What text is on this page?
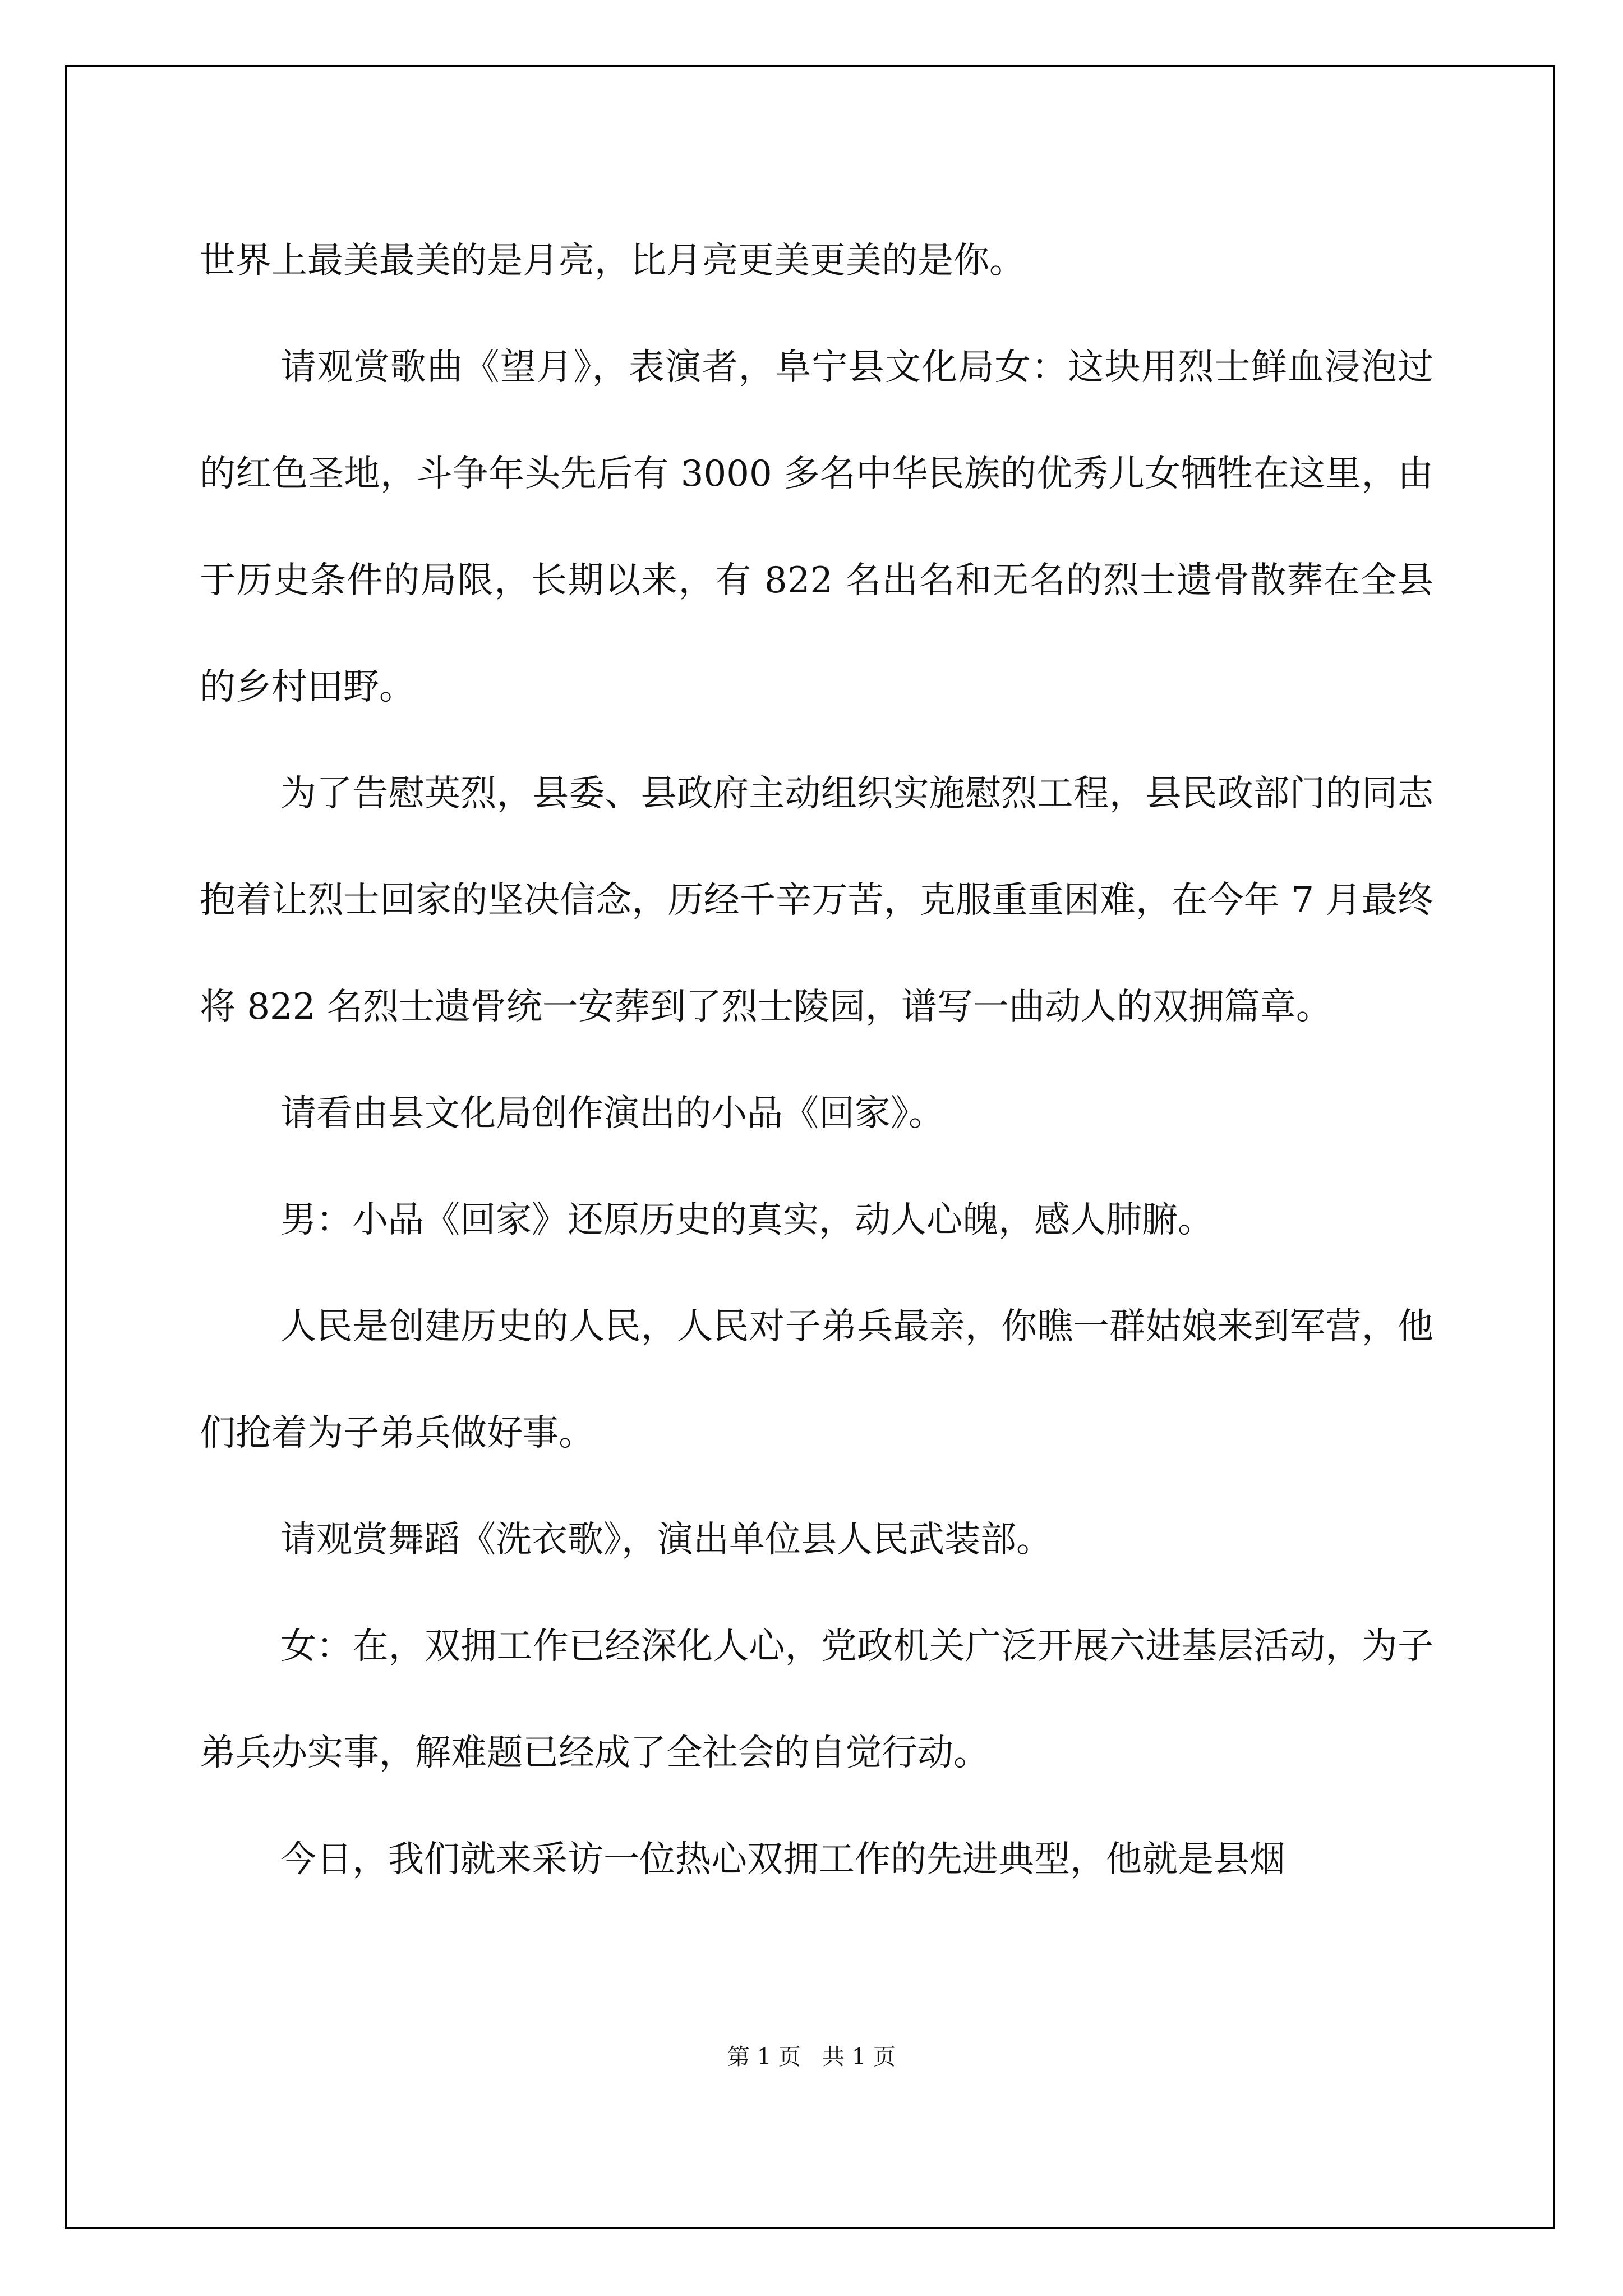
世界上最美最美的是月亮，比月亮更美更美的是你。

请观赏歌曲《望月》，表演者，阜宁县文化局女：这块用烈士鲜血浸泡过的红色圣地，斗争年头先后有 3000 多名中华民族的优秀儿女牺牲在这里，由于历史条件的局限，长期以来，有 822 名出名和无名的烈士遗骨散葬在全县的乡村田野。

为了告慰英烈，县委、县政府主动组织实施慰烈工程，县民政部门的同志抱着让烈士回家的坚决信念，历经千辛万苦，克服重重困难，在今年 7 月最终将 822 名烈士遗骨统一安葬到了烈士陵园，谱写一曲动人的双拥篇章。

请看由县文化局创作演出的小品《回家》。

男：小品《回家》还原历史的真实，动人心魄，感人肺腑。

人民是创建历史的人民，人民对子弟兵最亲，你瞧一群姑娘来到军营，他们抢着为子弟兵做好事。

请观赏舞蹈《洗衣歌》，演出单位县人民武装部。

女：在，双拥工作已经深化人心，党政机关广泛开展六进基层活动，为子弟兵办实事，解难题已经成了全社会的自觉行动。

今日，我们就来采访一位热心双拥工作的先进典型，他就是县烟

第 1 页   共 1 页
